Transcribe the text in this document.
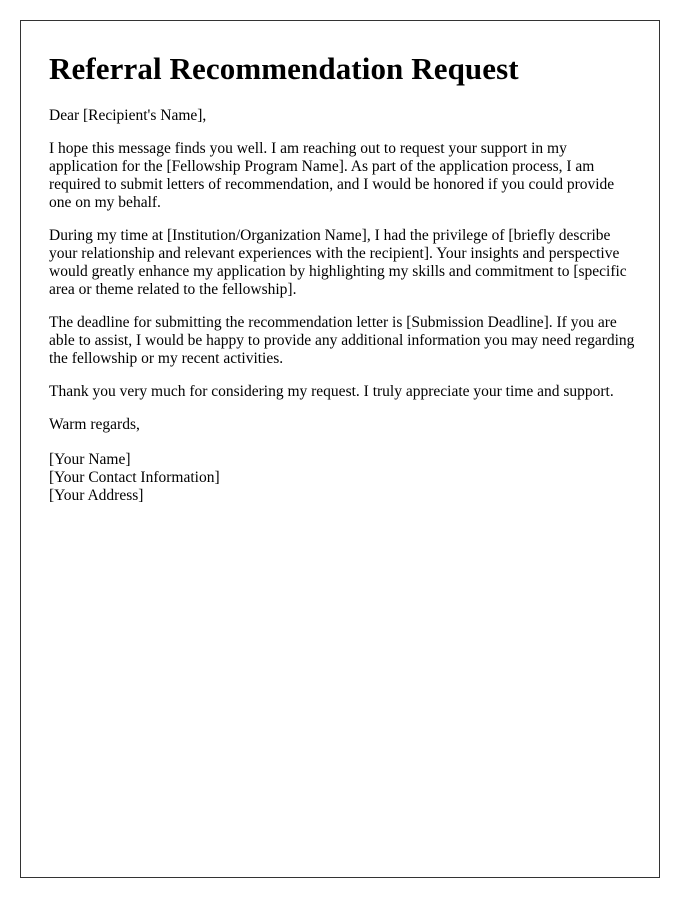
Referral Recommendation Request
Dear [Recipient's Name],

I hope this message finds you well. I am reaching out to request your support in my application for the [Fellowship Program Name]. As part of the application process, I am required to submit letters of recommendation, and I would be honored if you could provide one on my behalf.

During my time at [Institution/Organization Name], I had the privilege of [briefly describe your relationship and relevant experiences with the recipient]. Your insights and perspective would greatly enhance my application by highlighting my skills and commitment to [specific area or theme related to the fellowship].

The deadline for submitting the recommendation letter is [Submission Deadline]. If you are able to assist, I would be happy to provide any additional information you may need regarding the fellowship or my recent activities.

Thank you very much for considering my request. I truly appreciate your time and support.

Warm regards,

[Your Name]
[Your Contact Information]
[Your Address]
